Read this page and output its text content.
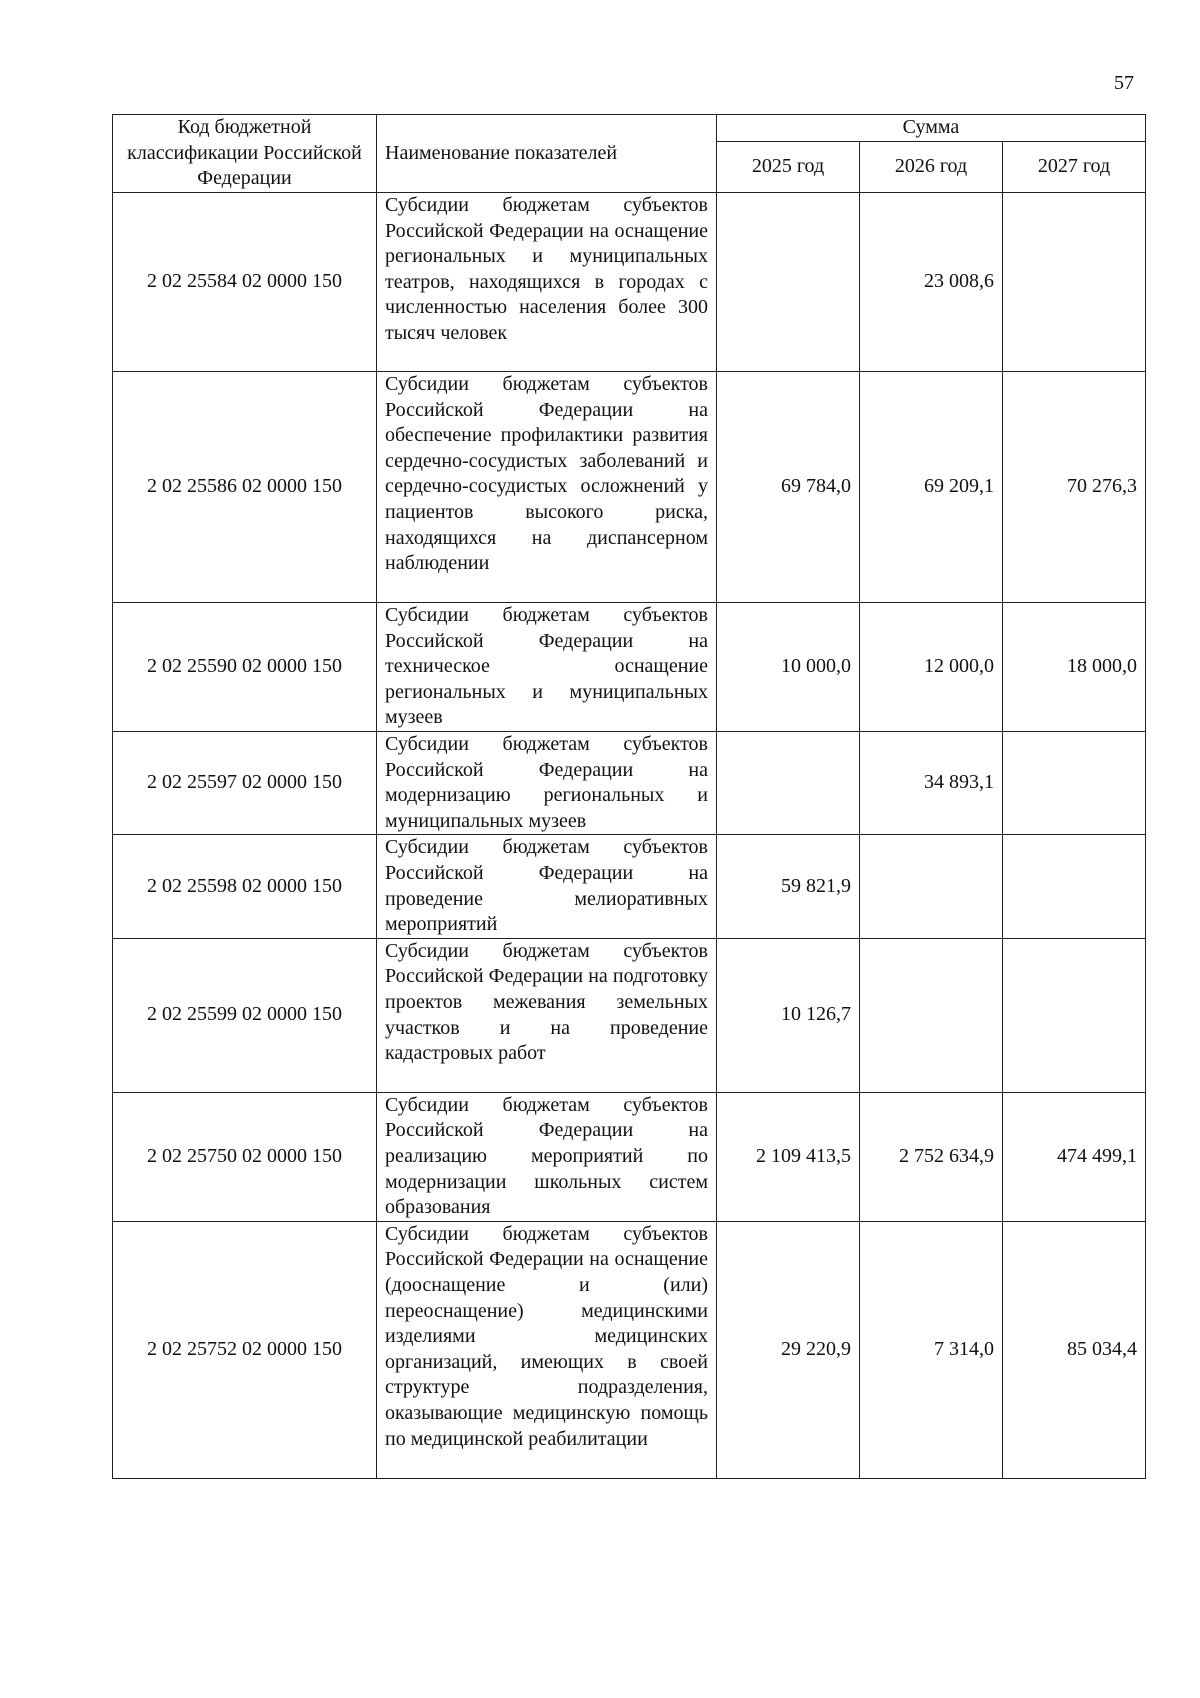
57
Код бюджетной классификации Российской Федерации	Наименование показателей	Сумма		
		2025 год	2026 год	2027 год
2 02 25584 02 0000 150	Субсидии бюджетам субъектов Российской Федерации на оснащение региональных и муниципальных театров, находящихся в городах с численностью населения более 300 тысяч человек		23 008,6	
2 02 25586 02 0000 150	Субсидии бюджетам субъектов Российской Федерации на обеспечение профилактики развития сердечно-сосудистых заболеваний и сердечно-сосудистых осложнений у пациентов высокого риска, находящихся на диспансерном наблюдении	69 784,0	69 209,1	70 276,3
2 02 25590 02 0000 150	Субсидии бюджетам субъектов Российской Федерации на техническое оснащение региональных и муниципальных музеев	10 000,0	12 000,0	18 000,0
2 02 25597 02 0000 150	Субсидии бюджетам субъектов Российской Федерации на модернизацию региональных и муниципальных музеев		34 893,1	
2 02 25598 02 0000 150	Субсидии бюджетам субъектов Российской Федерации на проведение мелиоративных мероприятий	59 821,9		
2 02 25599 02 0000 150	Субсидии бюджетам субъектов Российской Федерации на подготовку проектов межевания земельных участков и на проведение кадастровых работ	10 126,7		
2 02 25750 02 0000 150	Субсидии бюджетам субъектов Российской Федерации на реализацию мероприятий по модернизации школьных систем образования	2 109 413,5	2 752 634,9	474 499,1
2 02 25752 02 0000 150	Субсидии бюджетам субъектов Российской Федерации на оснащение (дооснащение и (или) переоснащение) медицинскими изделиями медицинских организаций, имеющих в своей структуре подразделения, оказывающие медицинскую помощь по медицинской реабилитации	29 220,9	7 314,0	85 034,4
